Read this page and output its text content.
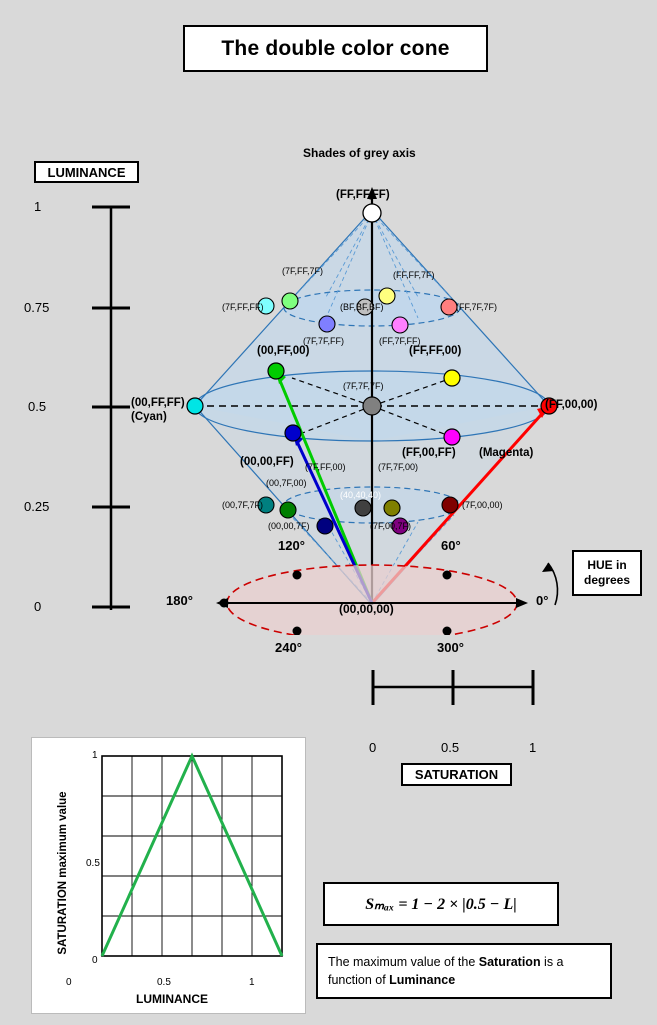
The double color cone
LUMINANCE
HUE in
degrees
SATURATION
Sₘₐₓ = 1 − 2 × |0.5 − L|
The maximum value of the Saturation is a function of Luminance
1
0.75
0.5
0.25
0
Shades of grey axis
(FF,FF,FF)
(7F,FF,7F)	(FF,FF,7F)
(7F,FF,FF)	(BF,BF,BF)	(FF,7F,7F)
(7F,7F,FF)	(FF,7F,FF)
(00,FF,00)	(FF,FF,00)
(7F,7F,7F)
(00,FF,FF)
(Cyan)
(FF,00,00)
(00,00,FF)
(FF,00,FF) (Magenta)
(7F,FF,00)
(00,7F,00)
(7F,7F,00)
(40,40,40)
(00,7F,7F)	(7F,00,00)
(00,00,7F)	(7F,00,7F)
120°	60°
180°	0°
240°	300°
(00,00,00)
0	0.5	1
1
0.5
0
0	0.5	1
LUMINANCE
SATURATION maximum value
